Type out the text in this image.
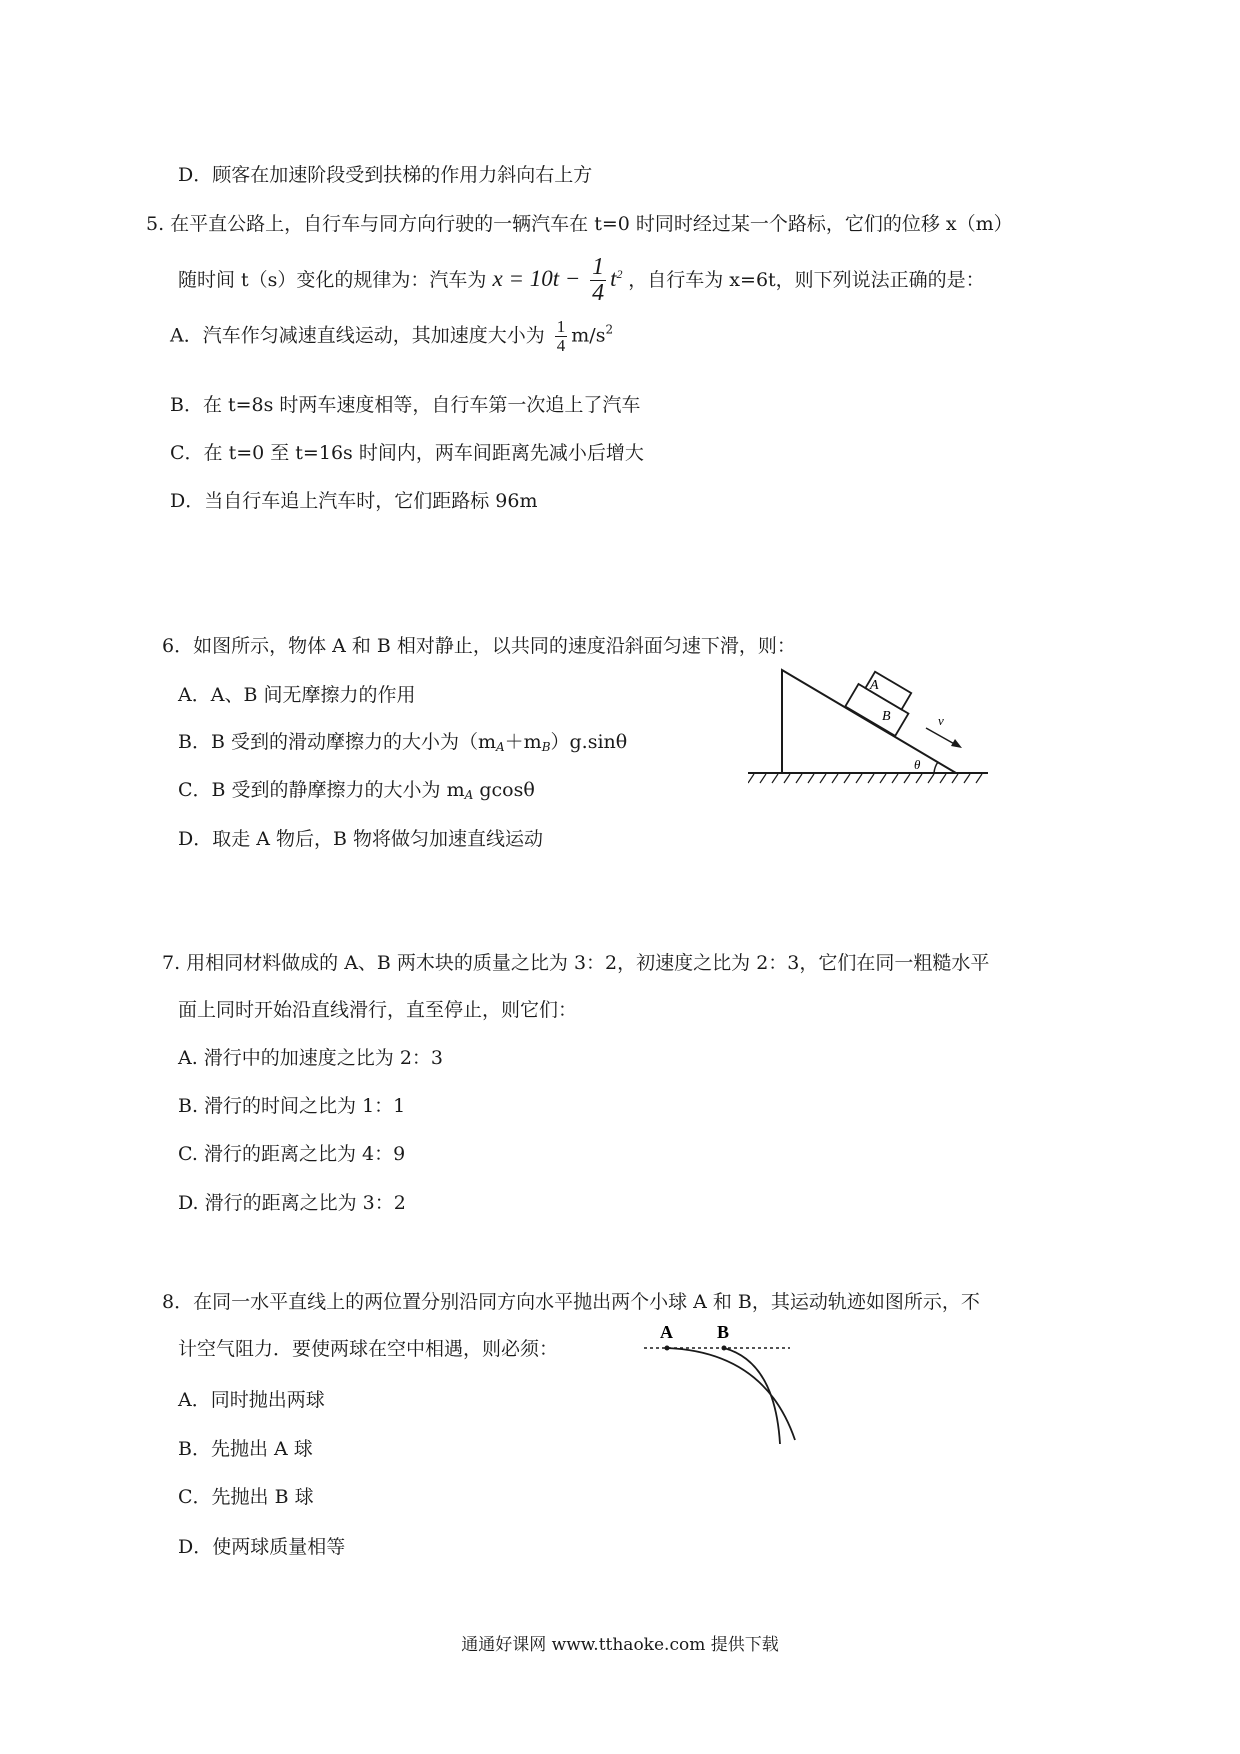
D．顾客在加速阶段受到扶梯的作用力斜向右上方
5. 在平直公路上，自行车与同方向行驶的一辆汽车在 t=0 时同时经过某一个路标，它们的位移 x（m）
随时间 t（s）变化的规律为：汽车为 $x = 10t - \frac{1}{4} t^2$ ，自行车为 x=6t，则下列说法正确的是：
A．汽车作匀减速直线运动，其加速度大小为 $\frac{1}{4} m/s^2$
B．在 t=8s 时两车速度相等，自行车第一次追上了汽车
C．在 t=0 至 t=16s 时间内，两车间距离先减小后增大
D．当自行车追上汽车时，它们距路标 96m
6．如图所示，物体 A 和 B 相对静止，以共同的速度沿斜面匀速下滑，则：
A．A、B 间无摩擦力的作用
B．B 受到的滑动摩擦力的大小为$(m_A+m_B)g.\sin\theta$
C．B 受到的静摩擦力的大小为 $m_A$ gcosθ
D．取走 A 物后，B 物将做匀加速直线运动
A
B	v
θ
7. 用相同材料做成的 A、B 两木块的质量之比为 3：2，初速度之比为 2：3，它们在同一粗糙水平
面上同时开始沿直线滑行，直至停止，则它们：
A. 滑行中的加速度之比为 2：3
B. 滑行的时间之比为 1：1
C. 滑行的距离之比为 4：9
D. 滑行的距离之比为 3：2
8．在同一水平直线上的两位置分别沿同方向水平抛出两个小球 A 和 B，其运动轨迹如图所示，不
计空气阻力．要使两球在空中相遇，则必须：
A．同时抛出两球
B．先抛出 A 球
C．先抛出 B 球
D．使两球质量相等
A B
通通好课网 www.tthaoke.com 提供下载
